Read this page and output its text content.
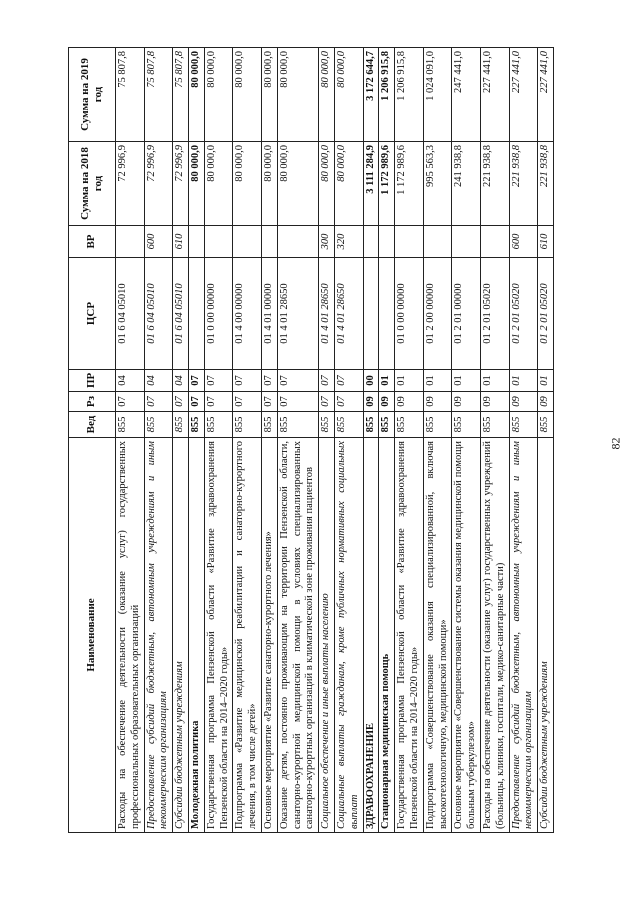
82
Наименование	Вед	Рз	ПР	ЦСР	ВР	Сумма на 2018 год	Сумма на 2019 год
Расходы на обеспечение деятельности (оказание услуг) государственных профессиональных образовательных организаций	855	07	04	01 6 04 05010		72 996,9	75 807,8
Предоставление субсидий бюджетным, автономным учреждениям и иным некоммерческим организациям	855	07	04	01 6 04 05010	600	72 996,9	75 807,8
Субсидии бюджетным учреждениям	855	07	04	01 6 04 05010	610	72 996,9	75 807,8
Молодежная политика	855	07	07			80 000,0	80 000,0
Государственная программа Пензенской области «Развитие здравоохранения Пензенской области на 2014–2020 годы»	855	07	07	01 0 00 00000		80 000,0	80 000,0
Подпрограмма «Развитие медицинской реабилитации и санаторно-курортного лечения, в том числе детей»	855	07	07	01 4 00 00000		80 000,0	80 000,0
Основное мероприятие «Развитие санаторно-курортного лечения»	855	07	07	01 4 01 00000		80 000,0	80 000,0
Оказание детям, постоянно проживающим на территории Пензенской области, санаторно-курортной медицинской помощи в условиях специализированных санаторно-курортных организаций в климатической зоне проживания пациентов	855	07	07	01 4 01 28650		80 000,0	80 000,0
Социальное обеспечение и иные выплаты населению	855	07	07	01 4 01 28650	300	80 000,0	80 000,0
Социальные выплаты гражданам, кроме публичных нормативных социальных выплат	855	07	07	01 4 01 28650	320	80 000,0	80 000,0
ЗДРАВООХРАНЕНИЕ	855	09	00			3 111 284,9	3 172 644,7
Стационарная медицинская помощь	855	09	01			1 172 989,6	1 206 915,8
Государственная программа Пензенской области «Развитие здравоохранения Пензенской области на 2014–2020 годы»	855	09	01	01 0 00 00000		1 172 989,6	1 206 915,8
Подпрограмма «Совершенствование оказания специализированной, включая высокотехнологичную, медицинской помощи»	855	09	01	01 2 00 00000		995 563,3	1 024 091,0
Основное мероприятие «Совершенствование системы оказания медицинской помощи больным туберкулезом»	855	09	01	01 2 01 00000		241 938,8	247 441,0
Расходы на обеспечение деятельности (оказание услуг) государственных учреждений (больницы, клиники, госпитали, медико-санитарные части)	855	09	01	01 2 01 05020		221 938,8	227 441,0
Предоставление субсидий бюджетным, автономным учреждениям и иным некоммерческим организациям	855	09	01	01 2 01 05020	600	221 938,8	227 441,0
Субсидии бюджетным учреждениям	855	09	01	01 2 01 05020	610	221 938,8	227 441,0
